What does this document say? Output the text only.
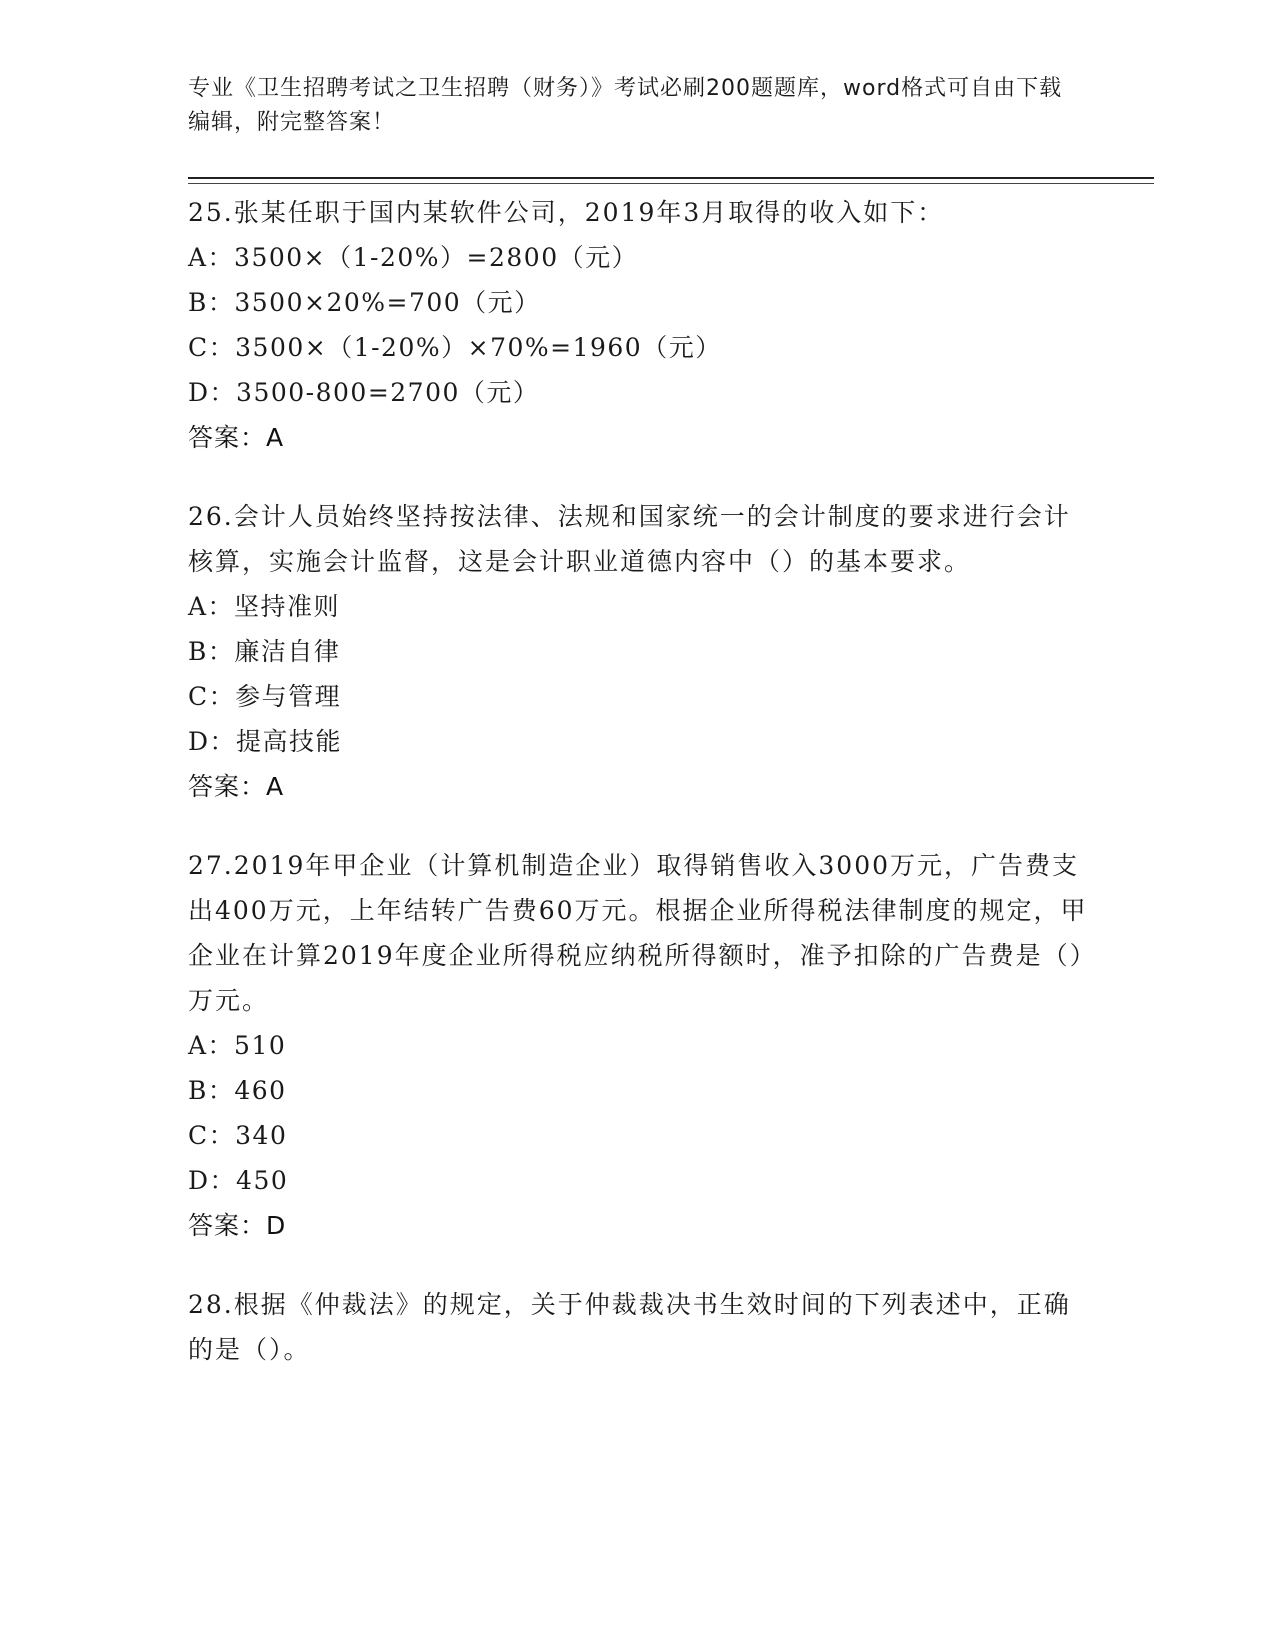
专业《卫生招聘考试之卫生招聘（财务）》考试必刷200题题库，word格式可自由下载编辑，附完整答案！

25.张某任职于国内某软件公司，2019年3月取得的收入如下：

A：3500×（1-20%）=2800（元）

B：3500×20%=700（元）

C：3500×（1-20%）×70%=1960（元）

D：3500-800=2700（元）

答案：A

26.会计人员始终坚持按法律、法规和国家统一的会计制度的要求进行会计核算，实施会计监督，这是会计职业道德内容中（）的基本要求。

A：坚持准则

B：廉洁自律

C：参与管理

D：提高技能

答案：A

27.2019年甲企业（计算机制造企业）取得销售收入3000万元，广告费支出400万元，上年结转广告费60万元。根据企业所得税法律制度的规定，甲企业在计算2019年度企业所得税应纳税所得额时，准予扣除的广告费是（）万元。

A：510

B：460

C：340

D：450

答案：D

28.根据《仲裁法》的规定，关于仲裁裁决书生效时间的下列表述中，正确的是（）。
